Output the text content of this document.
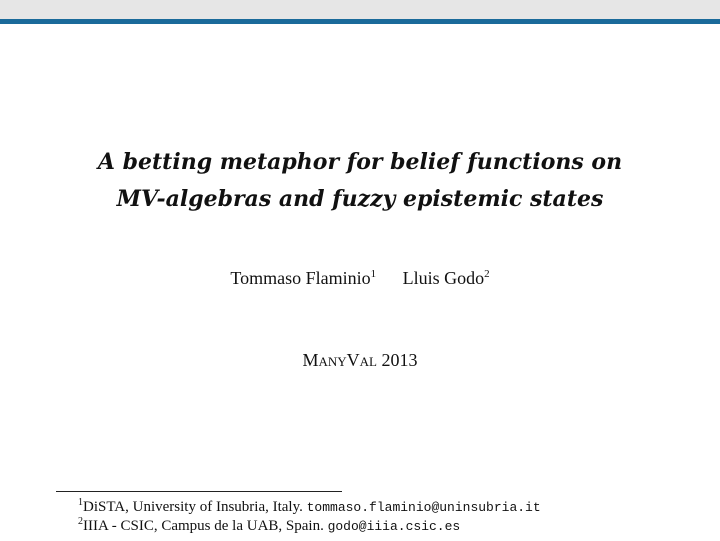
A betting metaphor for belief functions on
MV-algebras and fuzzy epistemic states
Tommaso Flaminio$^1$ Lluis Godo$^2$
ManyVal 2013
$^1$DiSTA, University of Insubria, Italy. tommaso.flaminio@uninsubria.it
$^2$IIIA - CSIC, Campus de la UAB, Spain. godo@iiia.csic.es
